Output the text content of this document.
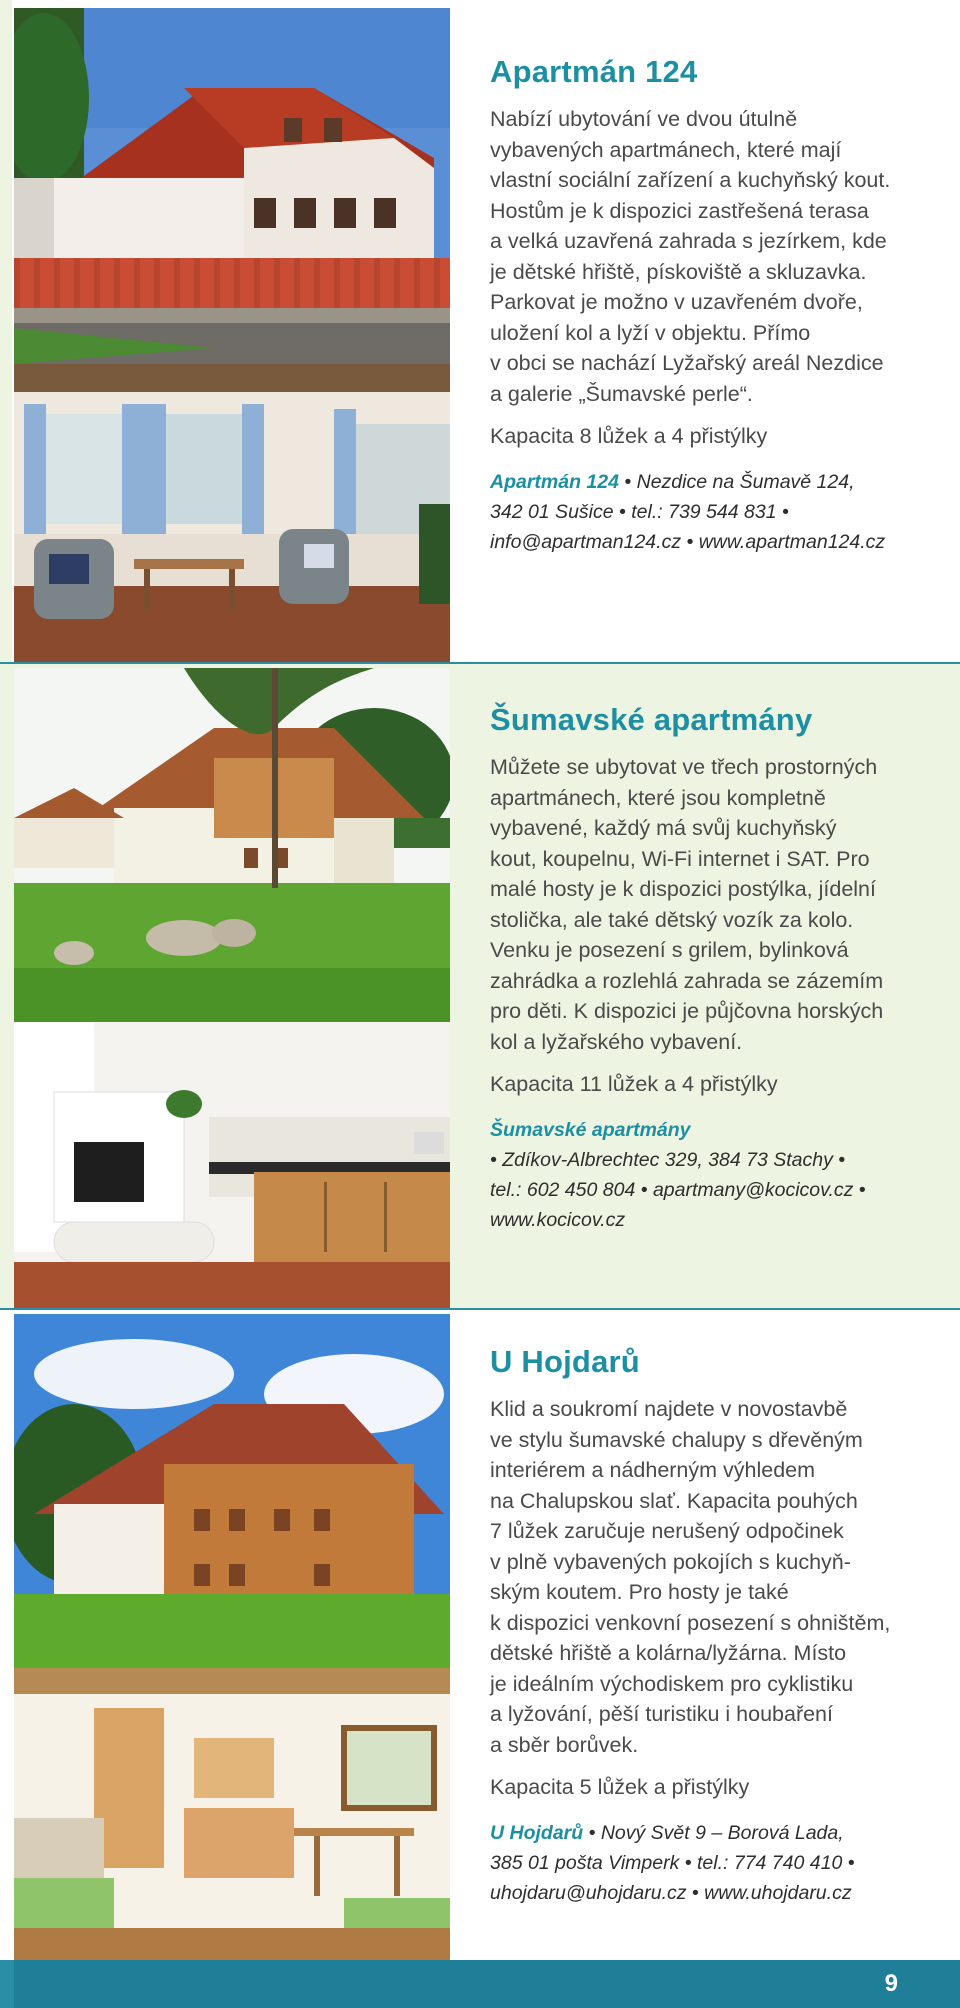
Apartmán 124
Nabízí ubytování ve dvou útulně
vybavených apartmánech, které mají
vlastní sociální zařízení a kuchyňský kout.
Hostům je k dispozici zastřešená terasa
a velká uzavřená zahrada s jezírkem, kde
je dětské hřiště, pískoviště a skluzavka.
Parkovat je možno v uzavřeném dvoře,
uložení kol a lyží v objektu. Přímo
v obci se nachází Lyžařský areál Nezdice
a galerie „Šumavské perle“.
Kapacita 8 lůžek a 4 přistýlky
Apartmán 124 • Nezdice na Šumavě 124,
342 01 Sušice • tel.: 739 544 831 •
info@apartman124.cz • www.apartman124.cz
Šumavské apartmány
Můžete se ubytovat ve třech prostorných
apartmánech, které jsou kompletně
vybavené, každý má svůj kuchyňský
kout, koupelnu, Wi-Fi internet i SAT. Pro
malé hosty je k dispozici postýlka, jídelní
stolička, ale také dětský vozík za kolo.
Venku je posezení s grilem, bylinková
zahrádka a rozlehlá zahrada se zázemím
pro děti. K dispozici je půjčovna horských
kol a lyžařského vybavení.
Kapacita 11 lůžek a 4 přistýlky
Šumavské apartmány
• Zdíkov-Albrechtec 329, 384 73 Stachy •
tel.: 602 450 804 • apartmany@kocicov.cz •
www.kocicov.cz
U Hojdarů
Klid a soukromí najdete v novostavbě
ve stylu šumavské chalupy s dřevěným
interiérem a nádherným výhledem
na Chalupskou slať. Kapacita pouhých
7 lůžek zaručuje nerušený odpočinek
v plně vybavených pokojích s kuchyň-
ským koutem. Pro hosty je také
k dispozici venkovní posezení s ohništěm,
dětské hřiště a kolárna/lyžárna. Místo
je ideálním východiskem pro cyklistiku
a lyžování, pěší turistiku i houbaření
a sběr borůvek.
Kapacita 5 lůžek a přistýlky
U Hojdarů • Nový Svět 9 – Borová Lada,
385 01 pošta Vimperk • tel.: 774 740 410 •
uhojdaru@uhojdaru.cz • www.uhojdaru.cz
9
